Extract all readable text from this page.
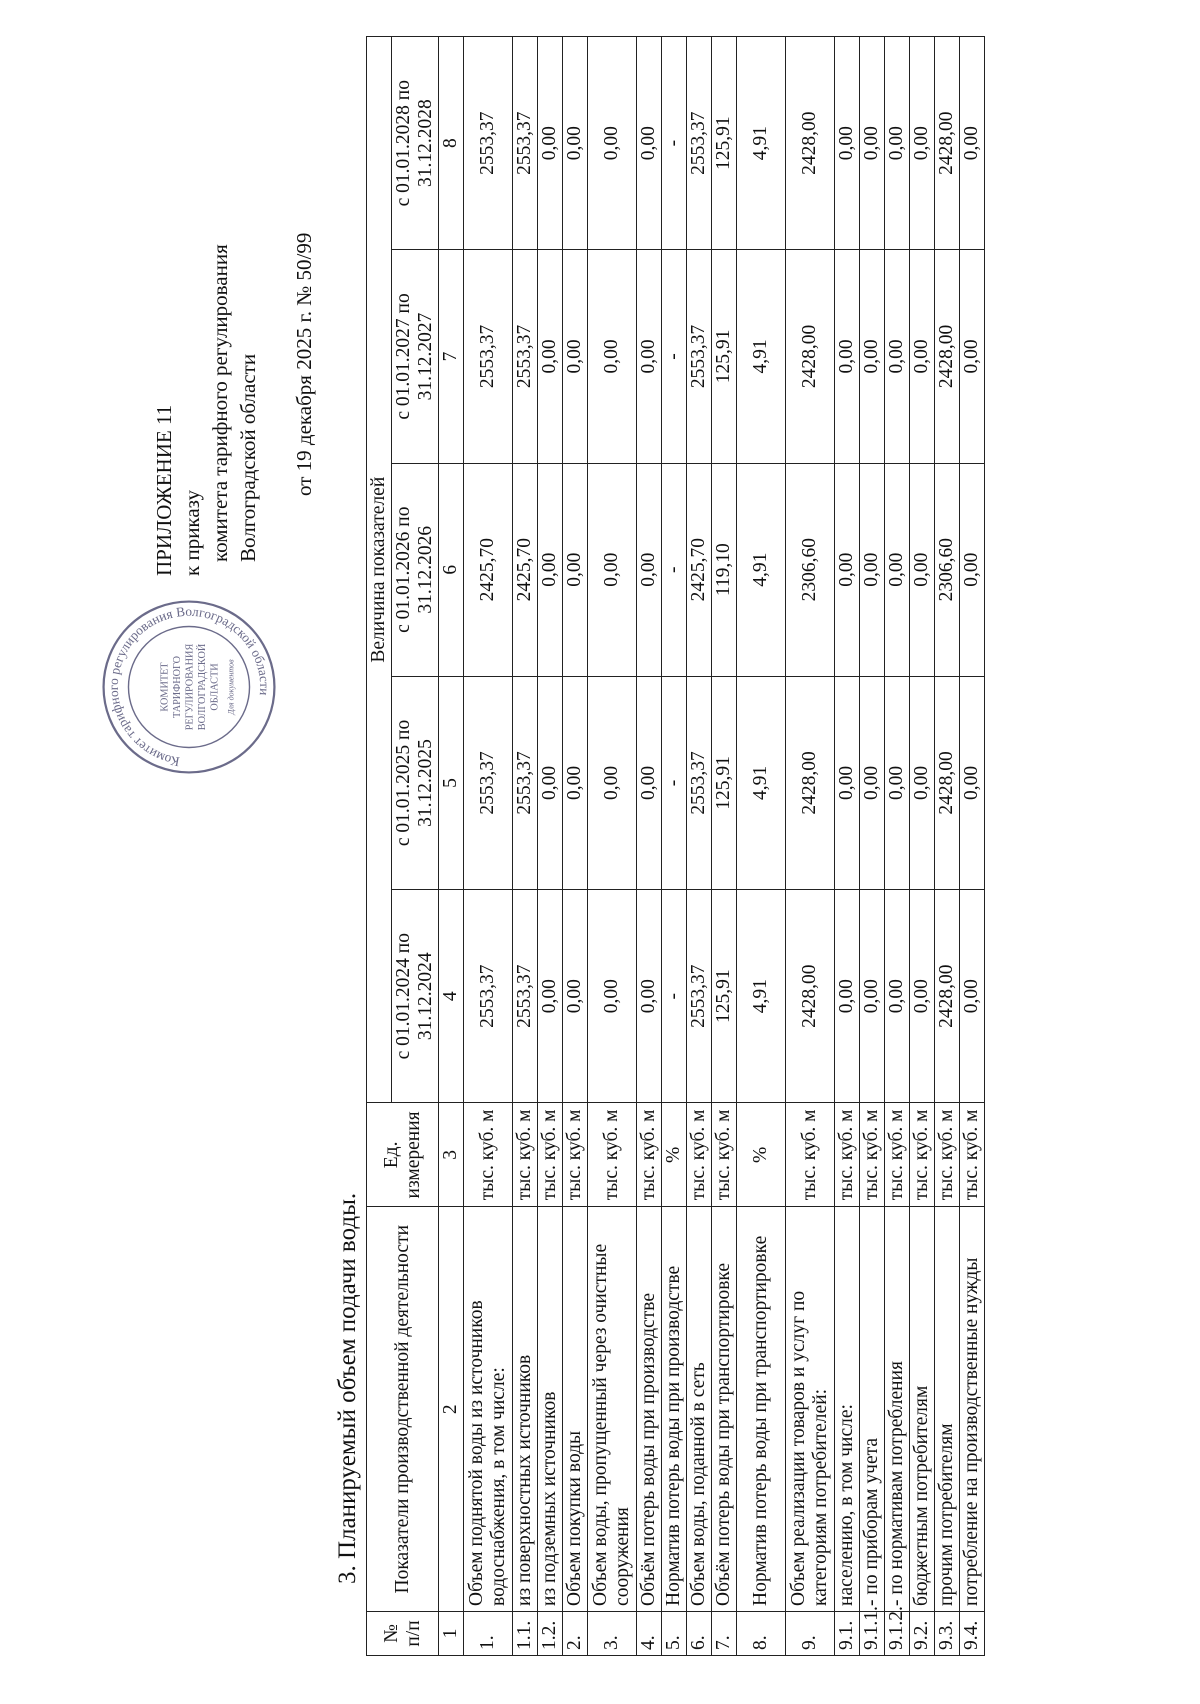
ПРИЛОЖЕНИЕ 11 к приказу комитета тарифного регулирования Волгоградской области от 19 декабря 2025 г. № 50/99
Комитет тарифного регулирования Волгоградской области
КОМИТЕТ ТАРИФНОГО РЕГУЛИРОВАНИЯ ВОЛГОГРАДСКОЙ ОБЛАСТИ Для документов
3. Планируемый объем подачи воды.
№ п/п	Показатели производственной деятельности	Ед. измерения	Величина показателей				
			с 01.01.2024 по 31.12.2024	с 01.01.2025 по 31.12.2025	с 01.01.2026 по 31.12.2026	с 01.01.2027 по 31.12.2027	с 01.01.2028 по 31.12.2028
1	2	3	4	5	6	7	8
1.	Объем поднятой воды из источников водоснабжения, в том числе:	тыс. куб. м	2553,37	2553,37	2425,70	2553,37	2553,37
1.1.	из поверхностных источников	тыс. куб. м	2553,37	2553,37	2425,70	2553,37	2553,37
1.2.	из подземных источников	тыс. куб. м	0,00	0,00	0,00	0,00	0,00
2.	Объем покупки воды	тыс. куб. м	0,00	0,00	0,00	0,00	0,00
3.	Объем воды, пропущенный через очистные сооружения	тыс. куб. м	0,00	0,00	0,00	0,00	0,00
4.	Объём потерь воды при производстве	тыс. куб. м	0,00	0,00	0,00	0,00	0,00
5.	Норматив потерь воды при производстве	%	-	-	-	-	-
6.	Объем воды, поданной в сеть	тыс. куб. м	2553,37	2553,37	2425,70	2553,37	2553,37
7.	Объём потерь воды при транспортировке	тыс. куб. м	125,91	125,91	119,10	125,91	125,91
8.	Норматив потерь воды при транспортировке	%	4,91	4,91	4,91	4,91	4,91
9.	Объем реализации товаров и услуг по категориям потребителей:	тыс. куб. м	2428,00	2428,00	2306,60	2428,00	2428,00
9.1.	населению, в том числе:	тыс. куб. м	0,00	0,00	0,00	0,00	0,00
9.1.1.	- по приборам учета	тыс. куб. м	0,00	0,00	0,00	0,00	0,00
9.1.2.	- по нормативам потребления	тыс. куб. м	0,00	0,00	0,00	0,00	0,00
9.2.	бюджетным потребителям	тыс. куб. м	0,00	0,00	0,00	0,00	0,00
9.3.	прочим потребителям	тыс. куб. м	2428,00	2428,00	2306,60	2428,00	2428,00
9.4.	потребление на производственные нужды	тыс. куб. м	0,00	0,00	0,00	0,00	0,00
